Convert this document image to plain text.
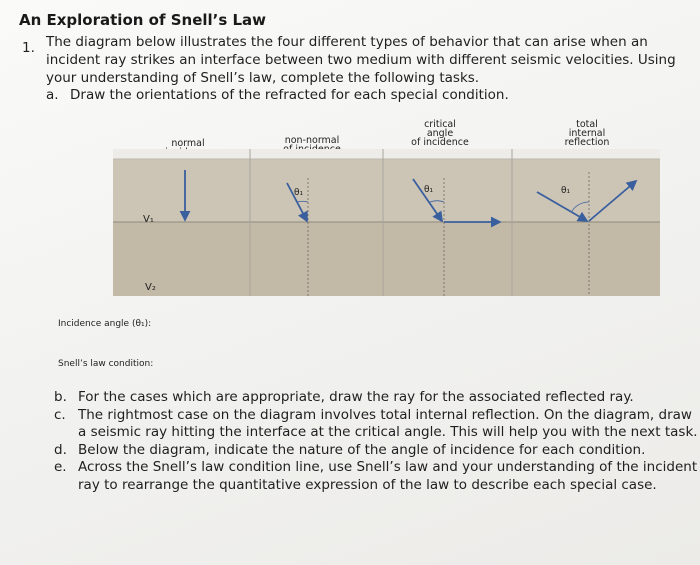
An Exploration of Snell’s Law
1. The diagram below illustrates the four different types of behavior that can arise when an incident ray strikes an interface between two medium with different seismic velocities. Using your understanding of Snell’s law, complete the following tasks.

a. Draw the orientations of the refracted for each special condition.
normal	non-normal
critical
angle
of incidence
total
internal
reflection
θ₁	θ₁	θ₁
V₁
V₂
Incidence angle (θ₁):
Snell’s law condition:
b. For the cases which are appropriate, draw the ray for the associated reflected ray.
c. The rightmost case on the diagram involves total internal reflection. On the diagram, draw a seismic ray hitting the interface at the critical angle. This will help you with the next task.
d. Below the diagram, indicate the nature of the angle of incidence for each condition.
e. Across the Snell’s law condition line, use Snell’s law and your understanding of the incident ray to rearrange the quantitative expression of the law to describe each special case.
